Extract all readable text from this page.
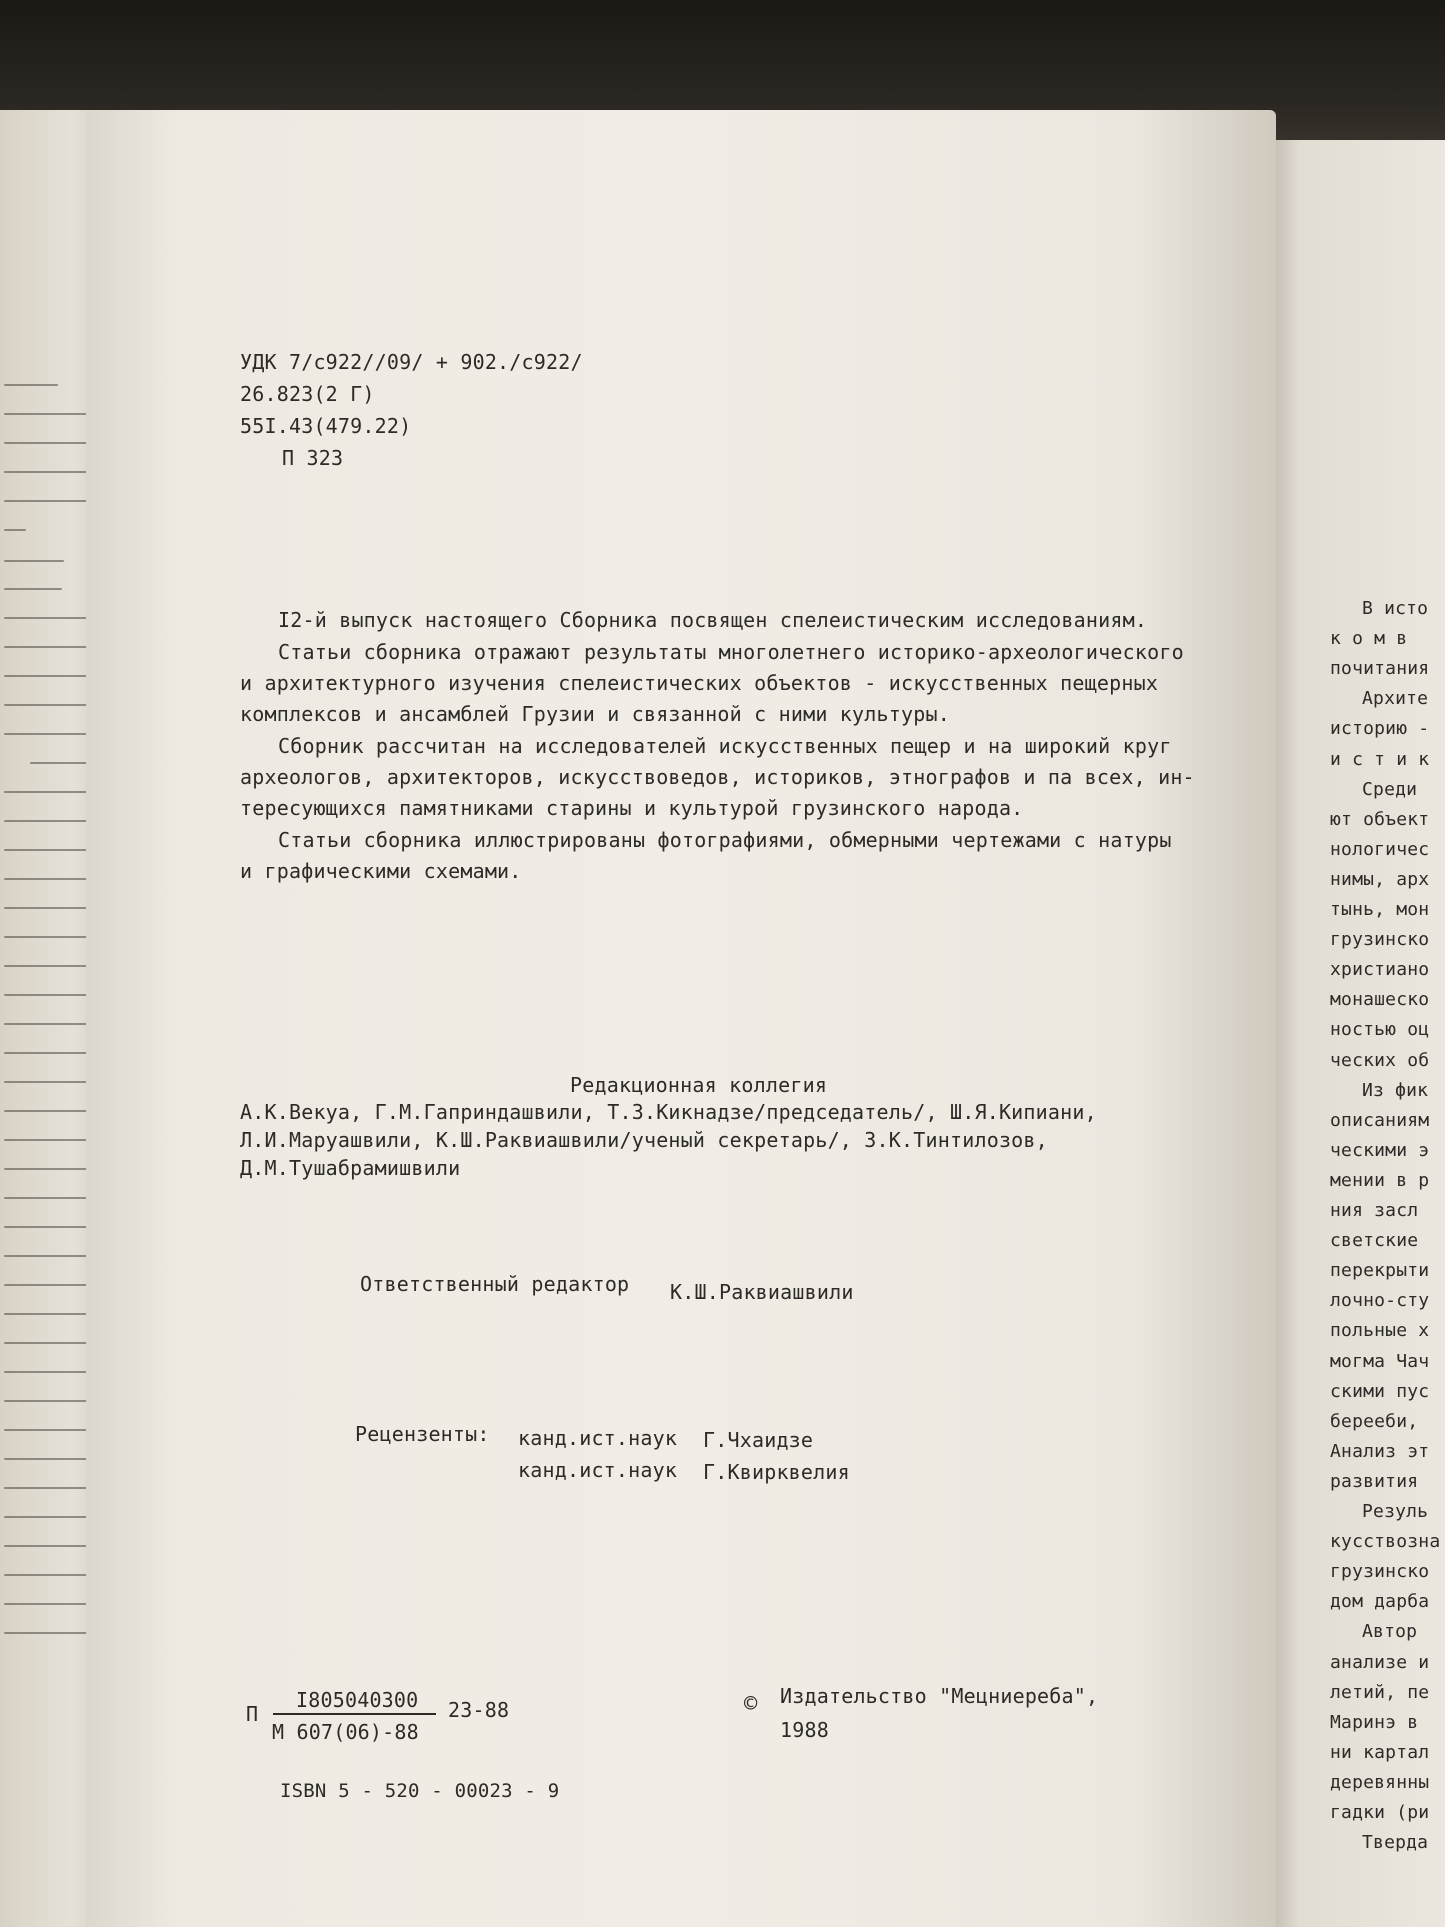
В исто
к о м в
почитания
Архите
историю -
и с т и к
Среди
ют объект
нологичес
нимы, арх
тынь, мон
грузинско
христиано
монашеско
ностью оц
ческих об
Из фик
описаниям
ческими э
мении в р
ния засл
светские
перекрыти
лочно-сту
польные х
могма Чач
скими пус
берееби,
Анализ эт
развития
Резуль
кусствозна
грузинско
дом дарба
Автор
анализе и
летий, пе
Маринэ в
ни картал
деревянны
гадки (ри
Тверда
УДК 7/с922//09/ + 902./с922/
26.823(2 Г)
55I.43(479.22)
П 323
I2-й выпуск настоящего Сборника посвящен спелеистическим исследованиям.
Статьи сборника отражают результаты многолетнего историко-археологического
и архитектурного изучения спелеистических объектов - искусственных пещерных
комплексов и ансамблей Грузии и связанной с ними культуры.
Сборник рассчитан на исследователей искусственных пещер и на широкий круг
археологов, архитекторов, искусствоведов, историков, этнографов и па всех, ин-
тересующихся памятниками старины и культурой грузинского народа.
Статьи сборника иллюстрированы фотографиями, обмерными чертежами с натуры
и графическими схемами.
Редакционная коллегия
А.К.Векуа, Г.М.Гаприндашвили, Т.З.Кикнадзе/председатель/, Ш.Я.Кипиани,
Л.И.Маруашвили, К.Ш.Раквиашвили/ученый секретарь/, З.К.Тинтилозов,
Д.М.Тушабрамишвили
Ответственный редактор К.Ш.Раквиашвили
Рецензенты: канд.ист.наук Г.Чхаидзе
канд.ист.наук Г.Квирквелия
П
I805040300 23-88
М 607(06)-88
© Издательство "Мецниереба",
1988
ISBN 5 - 520 - 00023 - 9
